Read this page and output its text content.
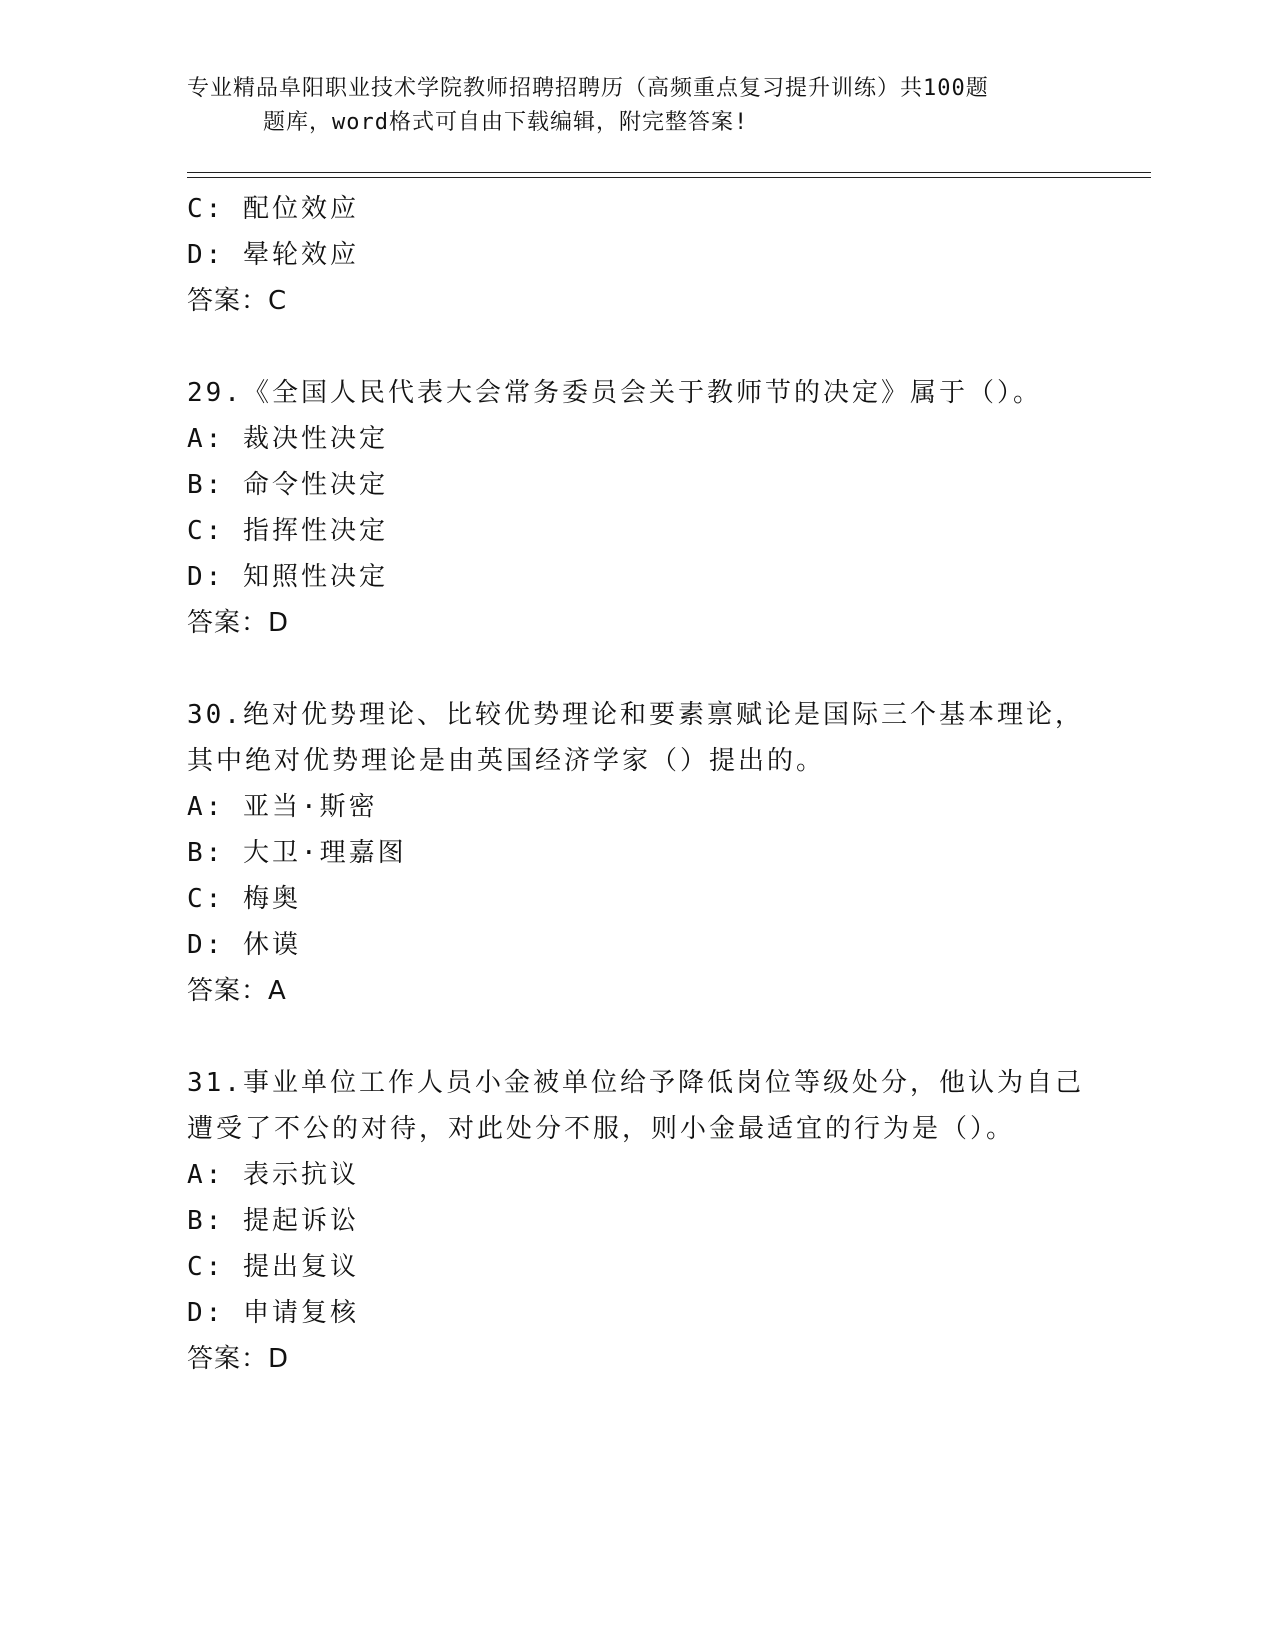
专业精品阜阳职业技术学院教师招聘招聘历（高频重点复习提升训练）共100题
题库，word格式可自由下载编辑，附完整答案!
C: 配位效应
D: 晕轮效应
答案：C
29.《全国人民代表大会常务委员会关于教师节的决定》属于（）。
A: 裁决性决定
B: 命令性决定
C: 指挥性决定
D: 知照性决定
答案：D
30.绝对优势理论、比较优势理论和要素禀赋论是国际三个基本理论，
其中绝对优势理论是由英国经济学家（）提出的。
A: 亚当·斯密
B: 大卫·理嘉图
C: 梅奥
D: 休谟
答案：A
31.事业单位工作人员小金被单位给予降低岗位等级处分，他认为自己
遭受了不公的对待，对此处分不服，则小金最适宜的行为是（）。
A: 表示抗议
B: 提起诉讼
C: 提出复议
D: 申请复核
答案：D
